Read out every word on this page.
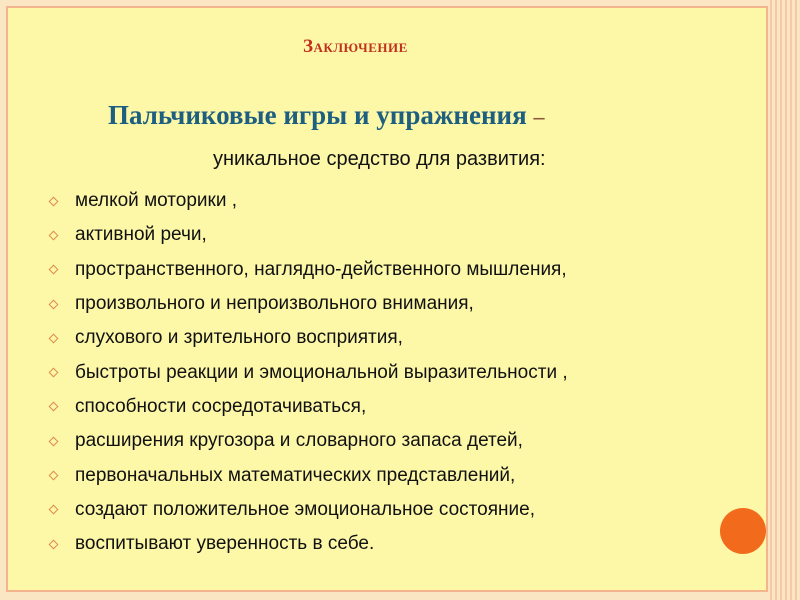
Заключение
Пальчиковые игры и упражнения –

уникальное средство для развития:

мелкой моторики ,
активной речи,
пространственного, наглядно-действенного мышления,
произвольного и непроизвольного внимания,
слухового и зрительного восприятия,
быстроты реакции и эмоциональной выразительности ,
способности сосредотачиваться,
расширения кругозора и словарного запаса детей,
первоначальных математических представлений,
создают положительное эмоциональное состояние,
воспитывают уверенность в себе.
